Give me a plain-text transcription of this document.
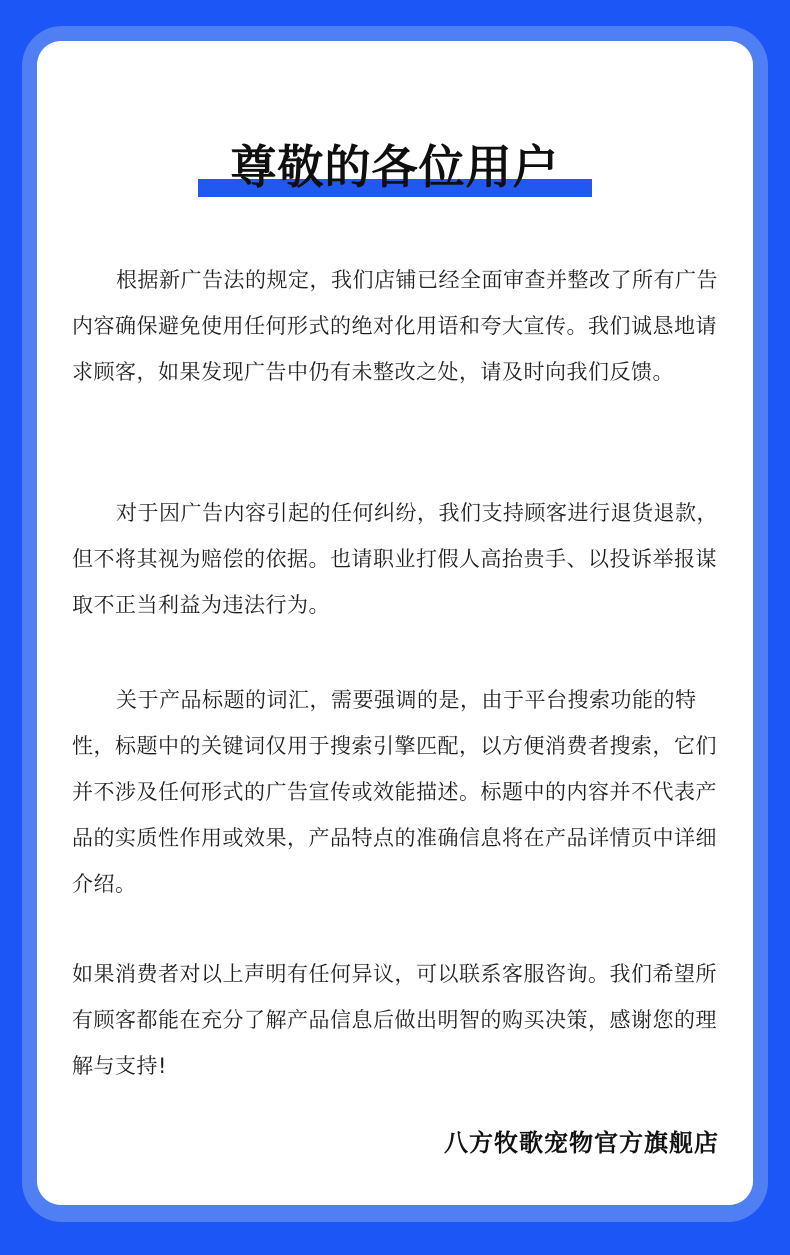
尊敬的各位用户

根据新广告法的规定，我们店铺已经全面审查并整改了所有广告内容确保避免使用任何形式的绝对化用语和夸大宣传。我们诚恳地请求顾客，如果发现广告中仍有未整改之处，请及时向我们反馈。

对于因广告内容引起的任何纠纷，我们支持顾客进行退货退款，但不将其视为赔偿的依据。也请职业打假人高抬贵手、以投诉举报谋取不正当利益为违法行为。

关于产品标题的词汇，需要强调的是，由于平台搜索功能的特性，标题中的关键词仅用于搜索引擎匹配，以方便消费者搜索，它们并不涉及任何形式的广告宣传或效能描述。标题中的内容并不代表产品的实质性作用或效果，产品特点的准确信息将在产品详情页中详细介绍。

如果消费者对以上声明有任何异议，可以联系客服咨询。我们希望所有顾客都能在充分了解产品信息后做出明智的购买决策，感谢您的理解与支持!

八方牧歌宠物官方旗舰店
